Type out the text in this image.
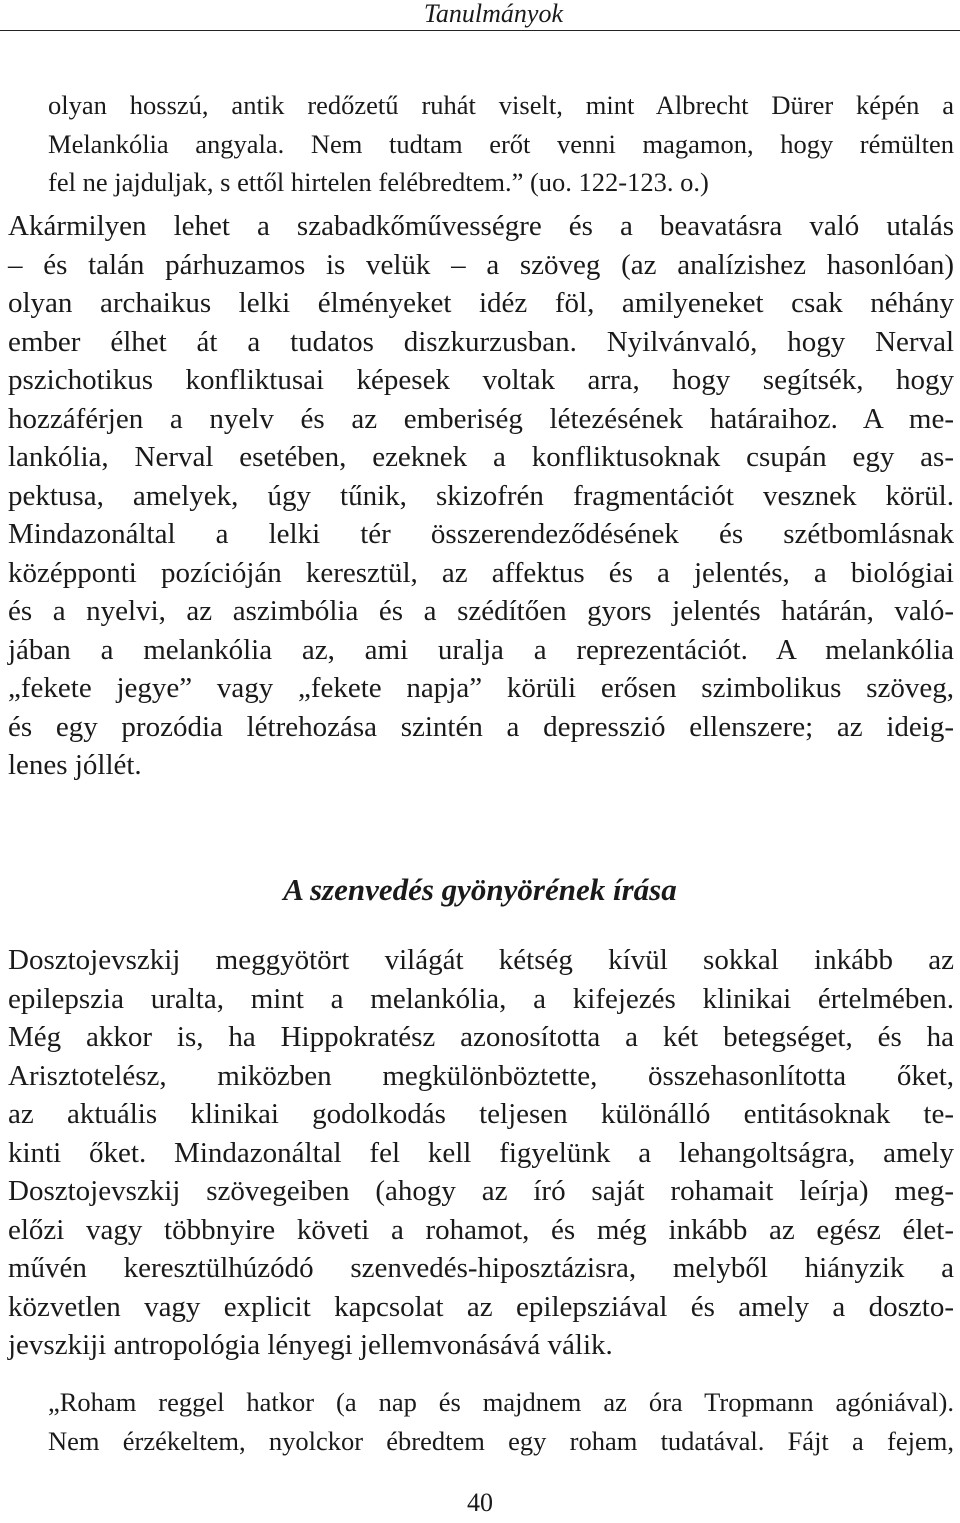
Tanulmányok
olyan hosszú, antik redőzetű ruhát viselt, mint Albrecht Dürer képén a
Melankólia angyala. Nem tudtam erőt venni magamon, hogy rémülten
fel ne jajduljak, s ettől hirtelen felébredtem.” (uo. 122-123. o.)
Akármilyen lehet a szabadkőművességre és a beavatásra való utalás
– és talán párhuzamos is velük – a szöveg (az analízishez hasonlóan)
olyan archaikus lelki élményeket idéz föl, amilyeneket csak néhány
ember élhet át a tudatos diszkurzusban. Nyilvánvaló, hogy Nerval
pszichotikus konfliktusai képesek voltak arra, hogy segítsék, hogy
hozzáférjen a nyelv és az emberiség létezésének határaihoz. A me-
lankólia, Nerval esetében, ezeknek a konfliktusoknak csupán egy as-
pektusa, amelyek, úgy tűnik, skizofrén fragmentációt vesznek körül.
Mindazonáltal a lelki tér összerendeződésének és szétbomlásnak
középponti pozícióján keresztül, az affektus és a jelentés, a biológiai
és a nyelvi, az aszimbólia és a szédítően gyors jelentés határán, való-
jában a melankólia az, ami uralja a reprezentációt. A melankólia
„fekete jegye” vagy „fekete napja” körüli erősen szimbolikus szöveg,
és egy prozódia létrehozása szintén a depresszió ellenszere; az ideig-
lenes jóllét.
A szenvedés gyönyörének írása
Dosztojevszkij meggyötört világát kétség kívül sokkal inkább az
epilepszia uralta, mint a melankólia, a kifejezés klinikai értelmében.
Még akkor is, ha Hippokratész azonosította a két betegséget, és ha
Arisztotelész, miközben megkülönböztette, összehasonlította őket,
az aktuális klinikai godolkodás teljesen különálló entitásoknak te-
kinti őket. Mindazonáltal fel kell figyelünk a lehangoltságra, amely
Dosztojevszkij szövegeiben (ahogy az író saját rohamait leírja) meg-
előzi vagy többnyire követi a rohamot, és még inkább az egész élet-
művén keresztülhúzódó szenvedés-hiposztázisra, melyből hiányzik a
közvetlen vagy explicit kapcsolat az epilepsziával és amely a doszto-
jevszkiji antropológia lényegi jellemvonásává válik.
„Roham reggel hatkor (a nap és majdnem az óra Tropmann agóniával).
Nem érzékeltem, nyolckor ébredtem egy roham tudatával. Fájt a fejem,
40
